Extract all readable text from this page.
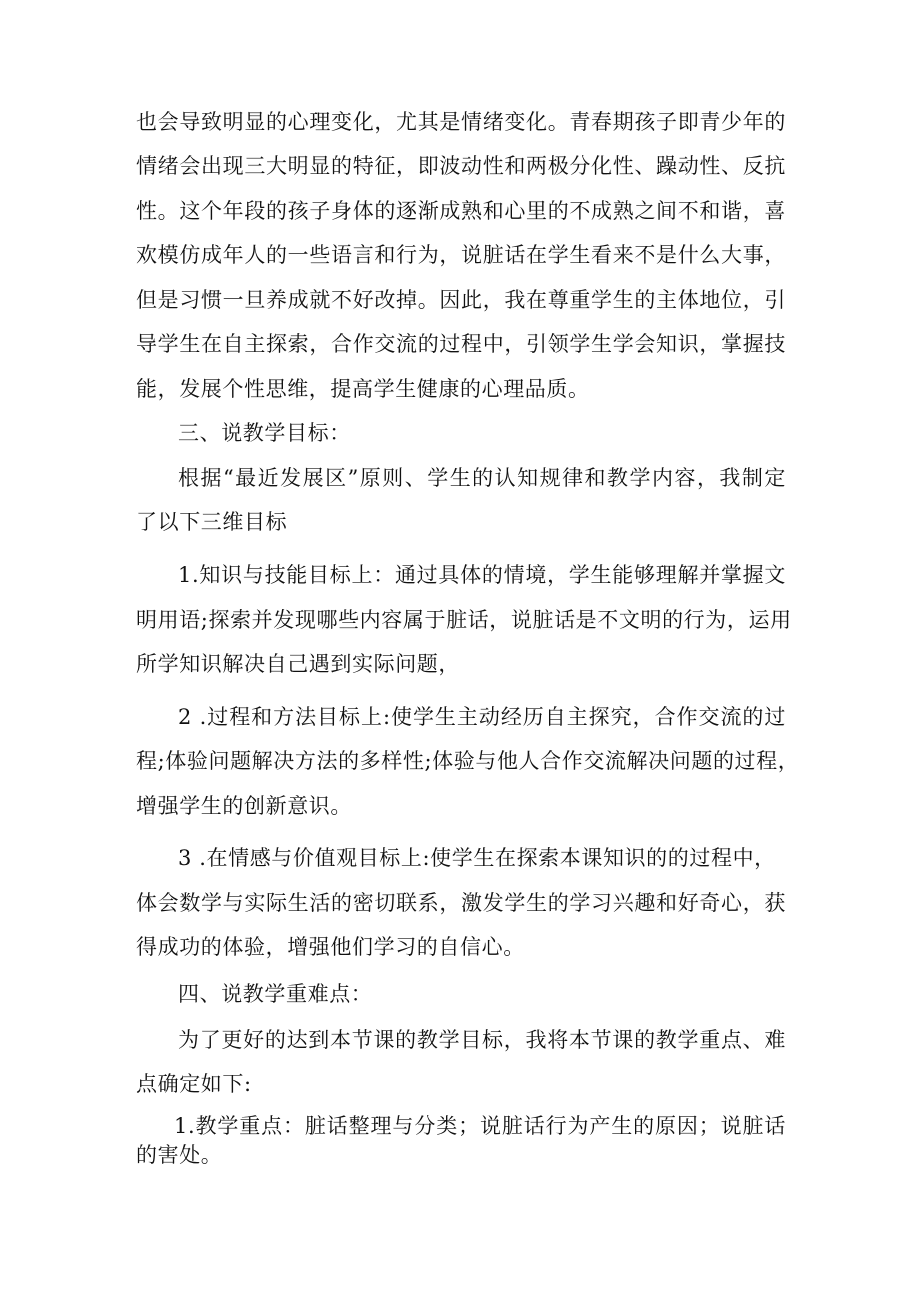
也会导致明显的心理变化，尤其是情绪变化。青春期孩子即青少年的
情绪会出现三大明显的特征，即波动性和两极分化性、躁动性、反抗
性。这个年段的孩子身体的逐渐成熟和心里的不成熟之间不和谐，喜
欢模仿成年人的一些语言和行为，说脏话在学生看来不是什么大事，
但是习惯一旦养成就不好改掉。因此，我在尊重学生的主体地位，引
导学生在自主探索，合作交流的过程中，引领学生学会知识，掌握技
能，发展个性思维，提高学生健康的心理品质。
三、说教学目标：
根据“最近发展区”原则、学生的认知规律和教学内容，我制定
了以下三维目标
1.知识与技能目标上：通过具体的情境，学生能够理解并掌握文
明用语;探索并发现哪些内容属于脏话，说脏话是不文明的行为，运用
所学知识解决自己遇到实际问题，
2 .过程和方法目标上:使学生主动经历自主探究，合作交流的过
程;体验问题解决方法的多样性;体验与他人合作交流解决问题的过程，
增强学生的创新意识。
3 .在情感与价值观目标上:使学生在探索本课知识的的过程中，
体会数学与实际生活的密切联系，激发学生的学习兴趣和好奇心，获
得成功的体验，增强他们学习的自信心。
四、说教学重难点：
为了更好的达到本节课的教学目标，我将本节课的教学重点、难
点确定如下:
1.教学重点：脏话整理与分类；说脏话行为产生的原因；说脏话
的害处。
